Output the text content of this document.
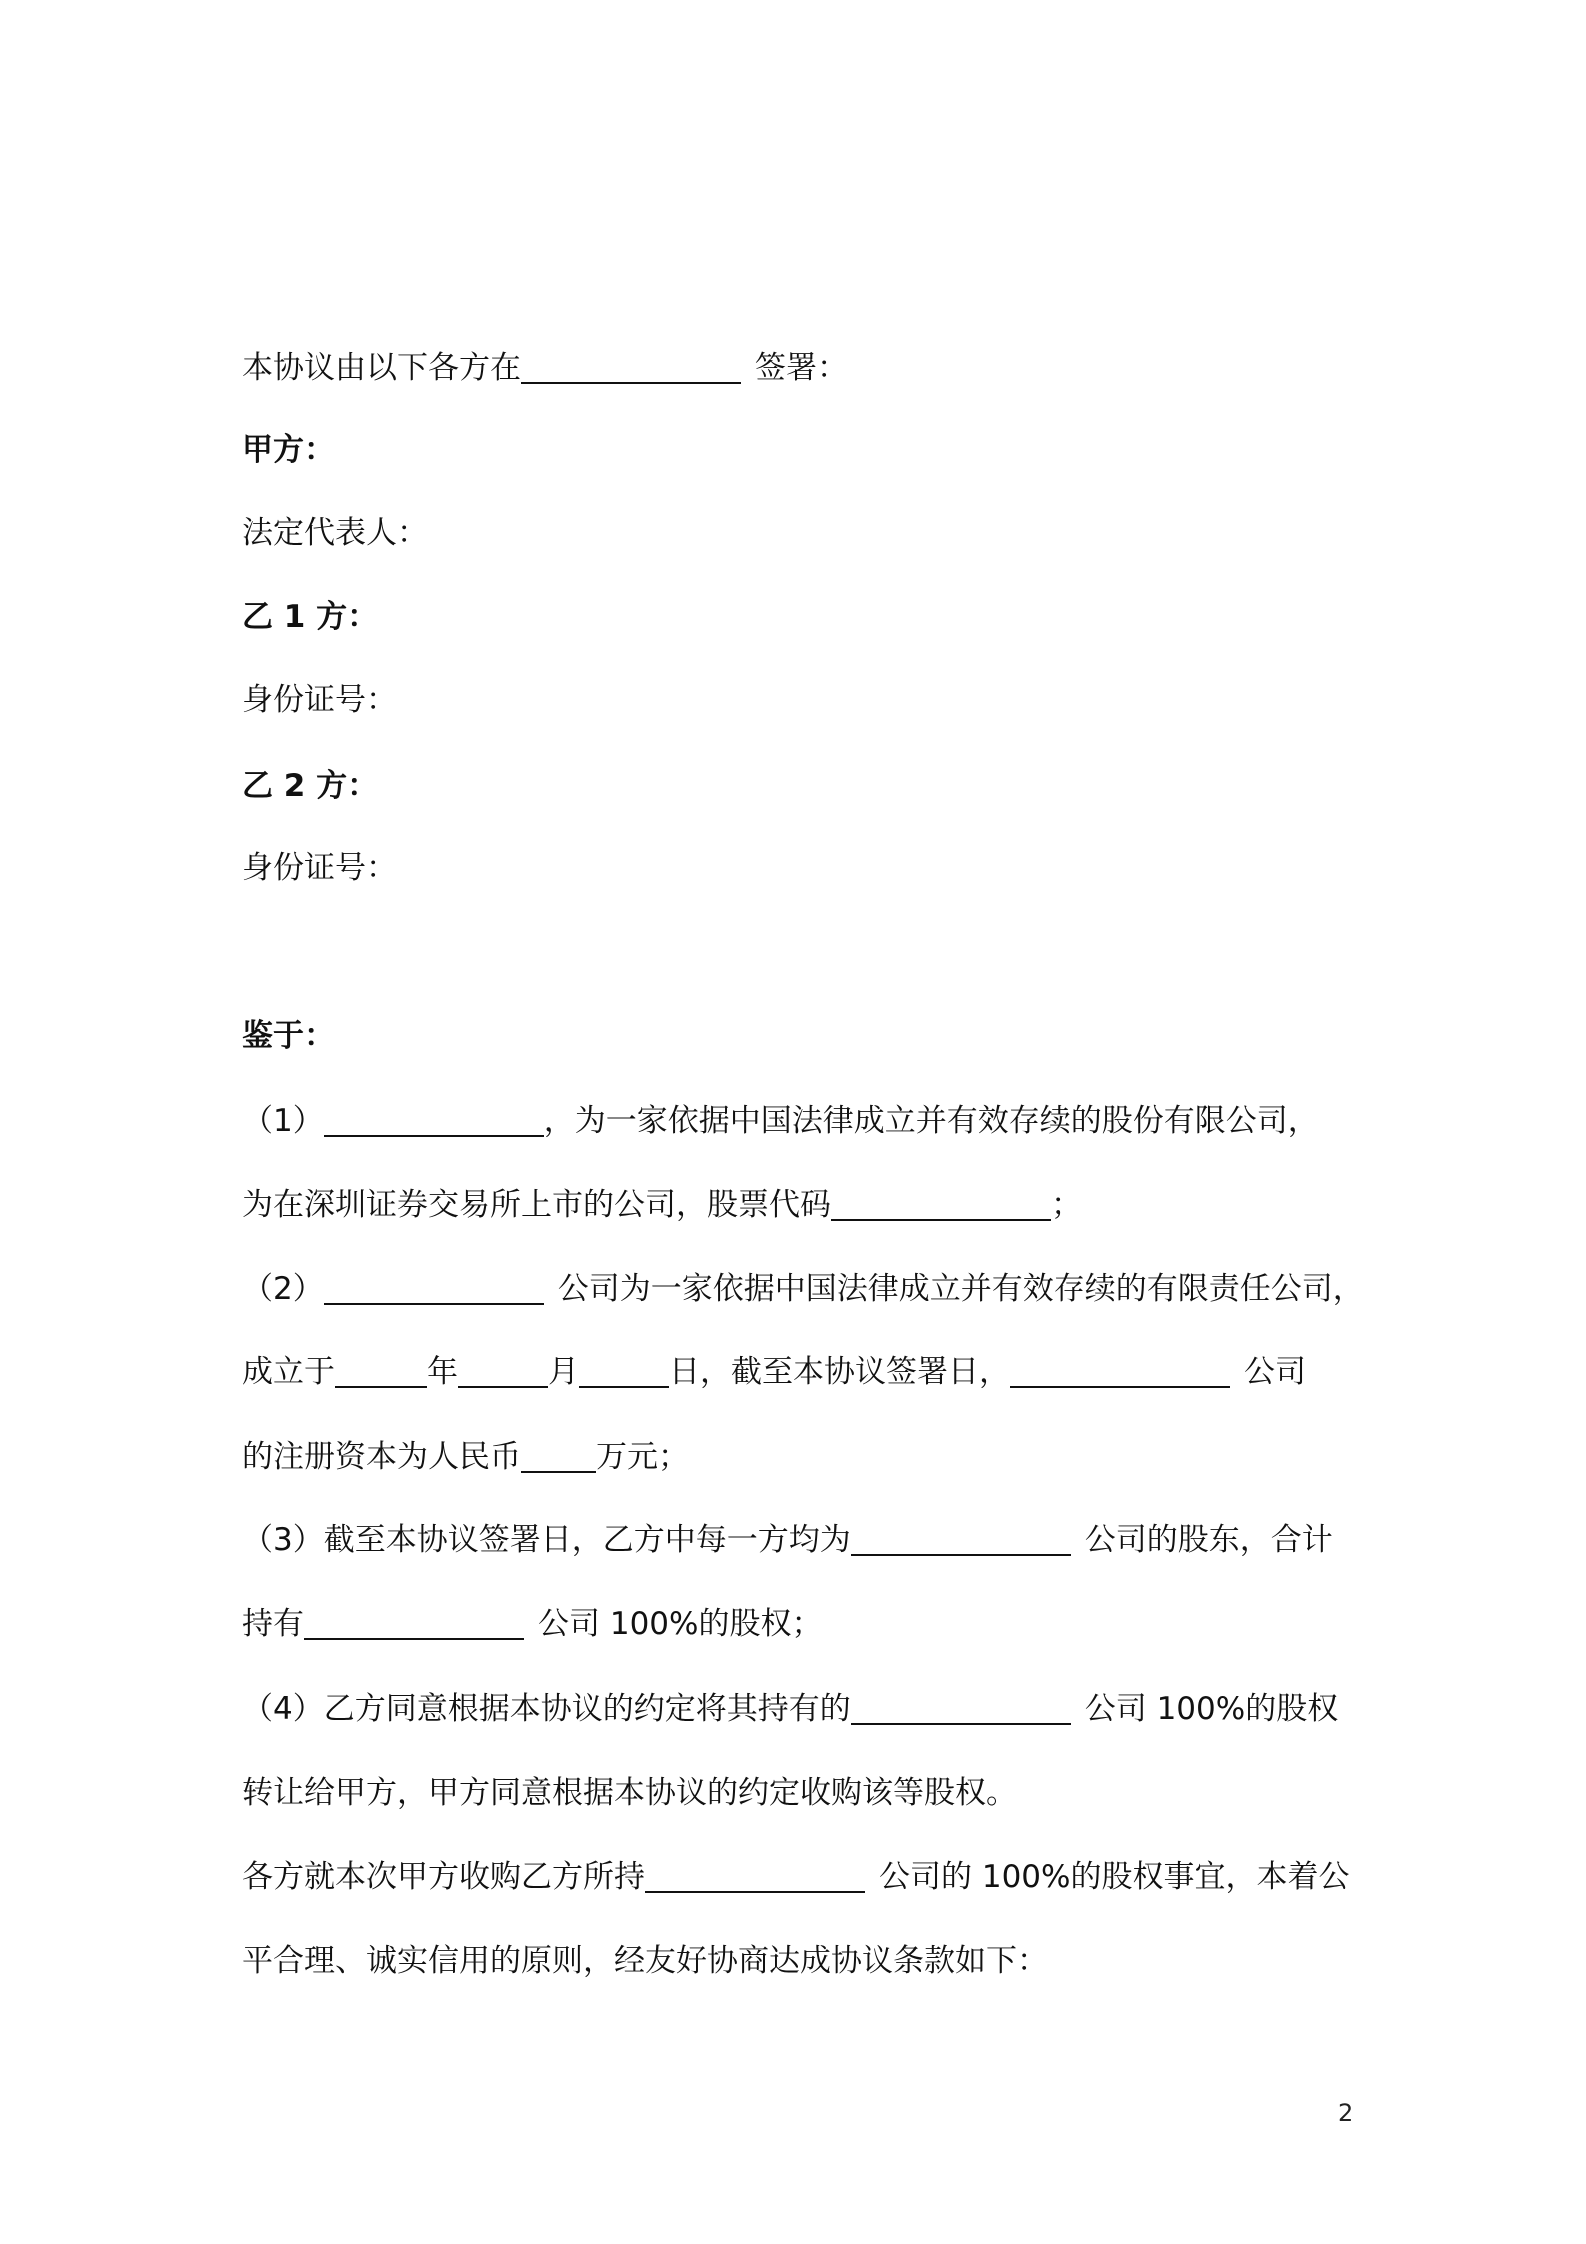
本协议由以下各方在	签署：
甲方：
法定代表人：
乙 1 方：
身份证号：
乙 2 方：
身份证号：
鉴于：
（1）	，为一家依据中国法律成立并有效存续的股份有限公司，
为在深圳证券交易所上市的公司，股票代码	；
（2）	公司为一家依据中国法律成立并有效存续的有限责任公司，
成立于	年	月	日，截至本协议签署日，	公司
的注册资本为人民币 万元；
（3）截至本协议签署日，乙方中每一方均为	公司的股东，合计
持有	公司 100%的股权；
（4）乙方同意根据本协议的约定将其持有的	公司 100%的股权
转让给甲方，甲方同意根据本协议的约定收购该等股权。
各方就本次甲方收购乙方所持	公司的 100%的股权事宜，本着公
平合理、诚实信用的原则，经友好协商达成协议条款如下：
2
